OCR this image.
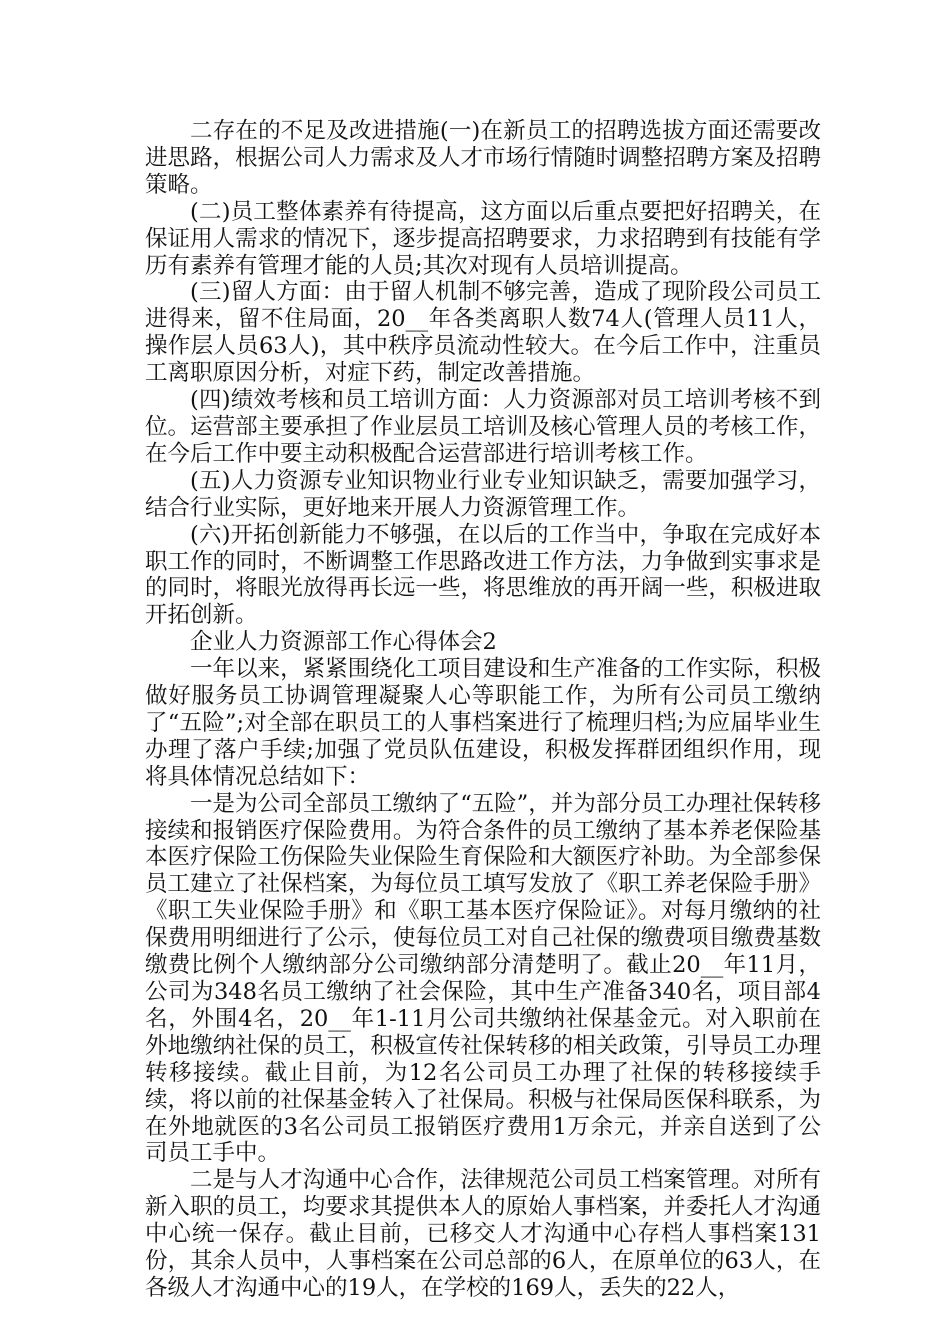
二存在的不足及改进措施(一)在新员工的招聘选拔方面还需要改进思路，根据公司人力需求及人才市场行情随时调整招聘方案及招聘策略。

(二)员工整体素养有待提高，这方面以后重点要把好招聘关，在保证用人需求的情况下，逐步提高招聘要求，力求招聘到有技能有学历有素养有管理才能的人员;其次对现有人员培训提高。

(三)留人方面：由于留人机制不够完善，造成了现阶段公司员工进得来，留不住局面，20__年各类离职人数74人(管理人员11人，操作层人员63人)，其中秩序员流动性较大。在今后工作中，注重员工离职原因分析，对症下药，制定改善措施。

(四)绩效考核和员工培训方面：人力资源部对员工培训考核不到位。运营部主要承担了作业层员工培训及核心管理人员的考核工作，在今后工作中要主动积极配合运营部进行培训考核工作。

(五)人力资源专业知识物业行业专业知识缺乏，需要加强学习，结合行业实际，更好地来开展人力资源管理工作。

(六)开拓创新能力不够强，在以后的工作当中，争取在完成好本职工作的同时，不断调整工作思路改进工作方法，力争做到实事求是的同时，将眼光放得再长远一些，将思维放的再开阔一些，积极进取开拓创新。

企业人力资源部工作心得体会2

一年以来，紧紧围绕化工项目建设和生产准备的工作实际，积极做好服务员工协调管理凝聚人心等职能工作，为所有公司员工缴纳了“五险”;对全部在职员工的人事档案进行了梳理归档;为应届毕业生办理了落户手续;加强了党员队伍建设，积极发挥群团组织作用，现将具体情况总结如下：

一是为公司全部员工缴纳了“五险”，并为部分员工办理社保转移接续和报销医疗保险费用。为符合条件的员工缴纳了基本养老保险基本医疗保险工伤保险失业保险生育保险和大额医疗补助。为全部参保员工建立了社保档案，为每位员工填写发放了《职工养老保险手册》《职工失业保险手册》和《职工基本医疗保险证》。对每月缴纳的社保费用明细进行了公示，使每位员工对自己社保的缴费项目缴费基数缴费比例个人缴纳部分公司缴纳部分清楚明了。截止20__年11月，公司为348名员工缴纳了社会保险，其中生产准备340名，项目部4名，外围4名，20__年1-11月公司共缴纳社保基金元。对入职前在外地缴纳社保的员工，积极宣传社保转移的相关政策，引导员工办理转移接续。截止目前，为12名公司员工办理了社保的转移接续手续，将以前的社保基金转入了社保局。积极与社保局医保科联系，为在外地就医的3名公司员工报销医疗费用1万余元，并亲自送到了公司员工手中。

二是与人才沟通中心合作，法律规范公司员工档案管理。对所有新入职的员工，均要求其提供本人的原始人事档案，并委托人才沟通中心统一保存。截止目前，已移交人才沟通中心存档人事档案131份，其余人员中，人事档案在公司总部的6人，在原单位的63人，在各级人才沟通中心的19人，在学校的169人，丢失的22人，
